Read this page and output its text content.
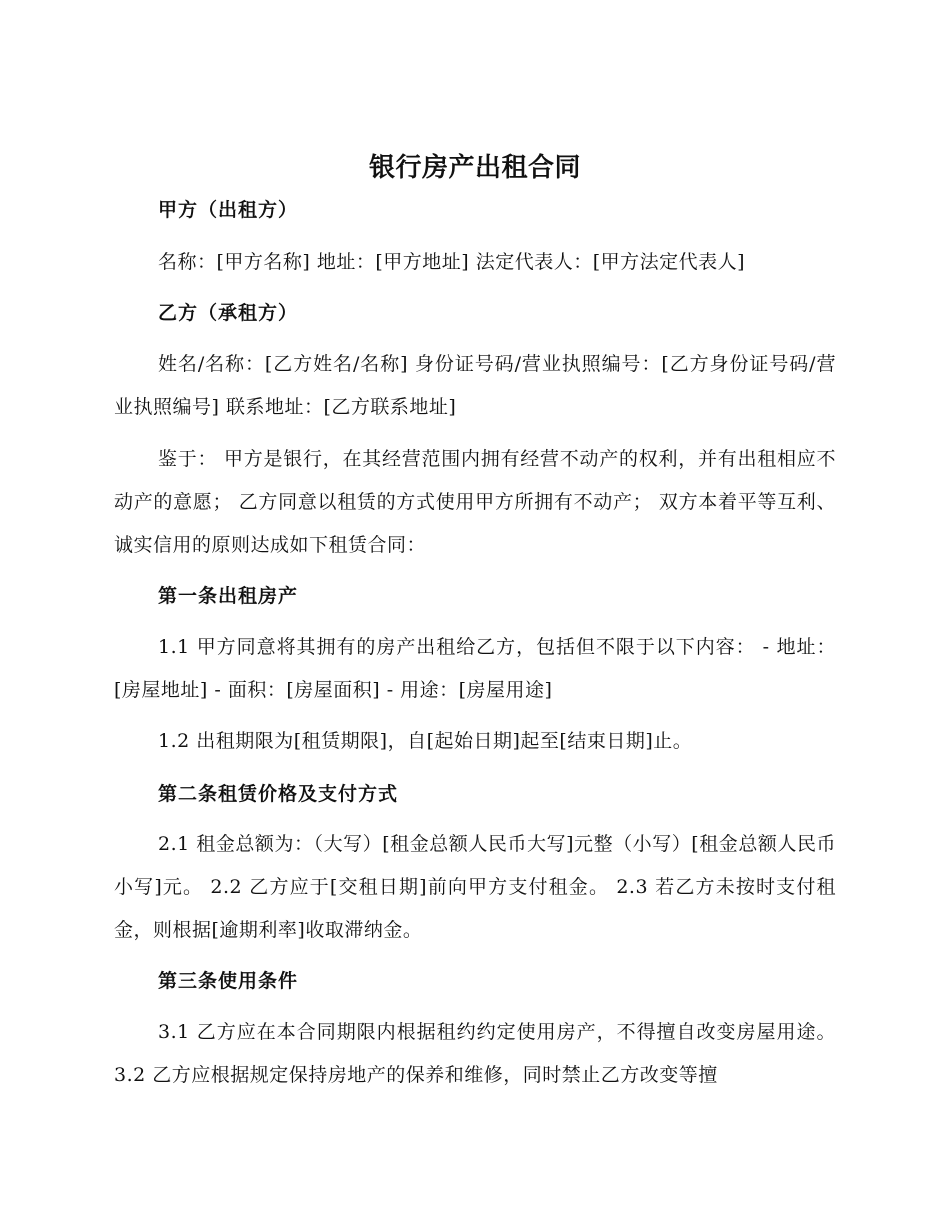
银行房产出租合同
甲方（出租方）
名称：[甲方名称] 地址：[甲方地址] 法定代表人：[甲方法定代表人]
乙方（承租方）
姓名/名称：[乙方姓名/名称] 身份证号码/营业执照编号：[乙方身份证号码/营业执照编号] 联系地址：[乙方联系地址]
鉴于： 甲方是银行，在其经营范围内拥有经营不动产的权利，并有出租相应不动产的意愿； 乙方同意以租赁的方式使用甲方所拥有不动产； 双方本着平等互利、诚实信用的原则达成如下租赁合同：
第一条出租房产
1.1 甲方同意将其拥有的房产出租给乙方，包括但不限于以下内容： - 地址：[房屋地址] - 面积：[房屋面积] - 用途：[房屋用途]
1.2 出租期限为[租赁期限]，自[起始日期]起至[结束日期]止。
第二条租赁价格及支付方式
2.1 租金总额为：（大写）[租金总额人民币大写]元整（小写）[租金总额人民币小写]元。 2.2 乙方应于[交租日期]前向甲方支付租金。 2.3 若乙方未按时支付租金，则根据[逾期利率]收取滞纳金。
第三条使用条件
3.1 乙方应在本合同期限内根据租约约定使用房产，不得擅自改变房屋用途。 3.2 乙方应根据规定保持房地产的保养和维修，同时禁止乙方改变等擅
